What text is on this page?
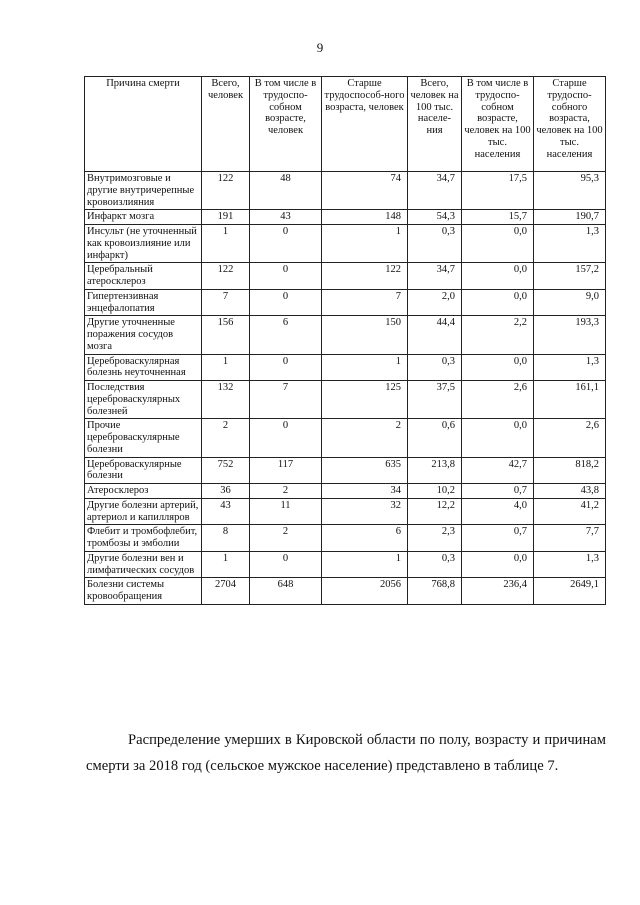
9
Причина смерти	Всего, человек	В том числе в трудоспо-собном возрасте, человек	Старше трудоспособ-ного возраста, человек	Всего, человек на 100 тыс. населе-ния	В том числе в трудоспо-собном возрасте, человек на 100 тыс. населения	Старше трудоспо-собного возраста, человек на 100 тыс. населения
Внутримозговые и другие внутричерепные кровоизлияния	122	48	74	34,7	17,5	95,3
Инфаркт мозга	191	43	148	54,3	15,7	190,7
Инсульт (не уточненный как кровоизлияние или инфаркт)	1	0	1	0,3	0,0	1,3
Церебральный атеросклероз	122	0	122	34,7	0,0	157,2
Гипертензивная энцефалопатия	7	0	7	2,0	0,0	9,0
Другие уточненные поражения сосудов мозга	156	6	150	44,4	2,2	193,3
Цереброваскулярная болезнь неуточненная	1	0	1	0,3	0,0	1,3
Последствия цереброваскулярных болезней	132	7	125	37,5	2,6	161,1
Прочие цереброваскулярные болезни	2	0	2	0,6	0,0	2,6
Цереброваскулярные болезни	752	117	635	213,8	42,7	818,2
Атеросклероз	36	2	34	10,2	0,7	43,8
Другие болезни артерий, артериол и капилляров	43	11	32	12,2	4,0	41,2
Флебит и тромбофлебит, тромбозы и эмболии	8	2	6	2,3	0,7	7,7
Другие болезни вен и лимфатических сосудов	1	0	1	0,3	0,0	1,3
Болезни системы кровообращения	2704	648	2056	768,8	236,4	2649,1
Распределение умерших в Кировской области по полу, возрасту и причинам смерти за 2018 год (сельское мужское население) представлено в таблице 7.
